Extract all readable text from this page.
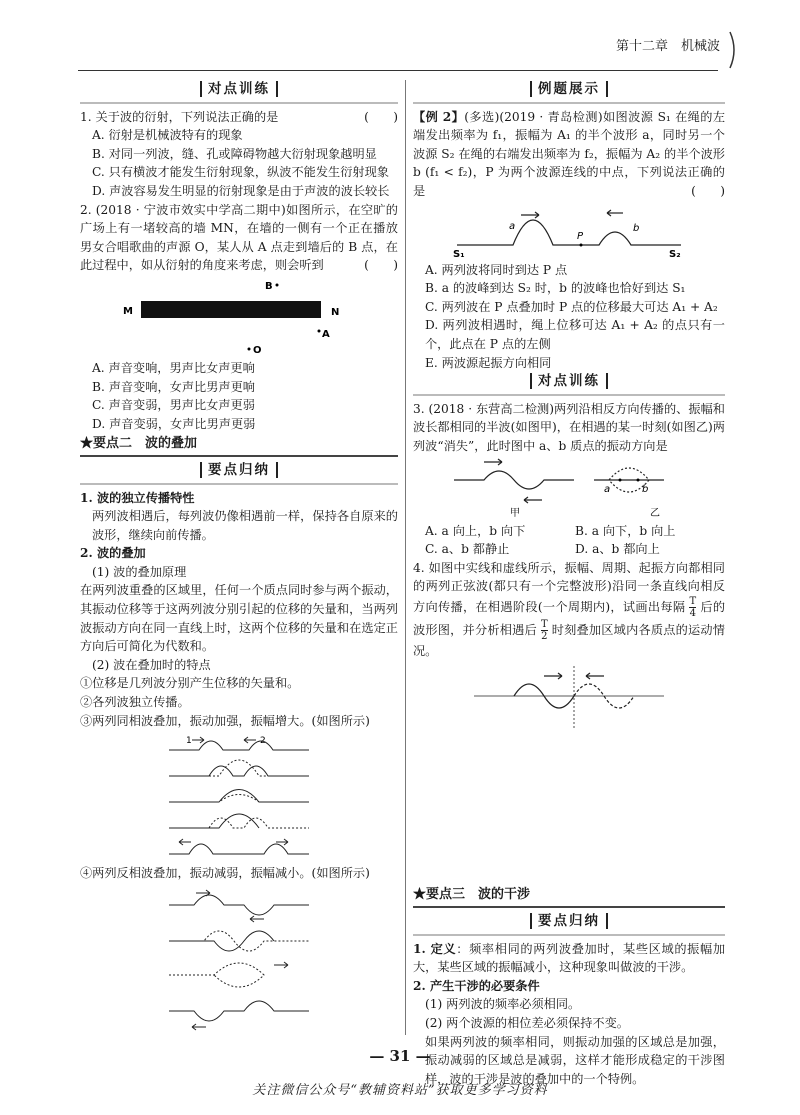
第十二章　 机械波
对点训练

1. 关于波的衍射，下列说法正确的是	(　　)

A. 衍射是机械波特有的现象

B. 对同一列波，缝、孔或障碍物越大衍射现象越明显

C. 只有横波才能发生衍射现象，纵波不能发生衍射现象

D. 声波容易发生明显的衍射现象是由于声波的波长较长

2. (2018 · 宁波市效实中学高二期中)如图所示，在空旷的广场上有一堵较高的墙 MN，在墙的一侧有一个正在播放男女合唱歌曲的声源 O，某人从 A 点走到墙后的 B 点，在此过程中，如从衍射的角度来考虑，则会听到	(　　)

M	N
B
A
O

A. 声音变响，男声比女声更响

B. 声音变响，女声比男声更响

C. 声音变弱，男声比女声更弱

D. 声音变弱，女声比男声更弱

★要点二　 波的叠加
要点归纳

1. 波的独立传播特性

两列波相遇后，每列波仍像相遇前一样，保持各自原来的波形，继续向前传播。

2. 波的叠加

(1) 波的叠加原理

在两列波重叠的区域里，任何一个质点同时参与两个振动，其振动位移等于这两列波分别引起的位移的矢量和，当两列波振动方向在同一直线上时，这两个位移的矢量和在选定正方向后可简化为代数和。

(2) 波在叠加时的特点

①位移是几列波分别产生位移的矢量和。

②各列波独立传播。

③两列同相波叠加，振动加强，振幅增大。(如图所示)

1	2

④两列反相波叠加，振动减弱，振幅减小。(如图所示)

例题展示

【例 2】(多选)(2019 · 青岛检测)如图波源 S₁ 在绳的左端发出频率为 f₁，振幅为 A₁ 的半个波形 a，同时另一个波源 S₂ 在绳的右端发出频率为 f₂，振幅为 A₂ 的半个波形 b (f₁ < f₂)，P 为两个波源连线的中点，下列说法正确的是	(　　)

a
S₁
P
b
S₂

A. 两列波将同时到达 P 点

B. a 的波峰到达 S₂ 时，b 的波峰也恰好到达 S₁

C. 两列波在 P 点叠加时 P 点的位移最大可达 A₁ + A₂

D. 两列波相遇时，绳上位移可达 A₁ + A₂ 的点只有一个，此点在 P 点的左侧

E. 两波源起振方向相同

对点训练

3. (2018 · 东营高二检测)两列沿相反方向传播的、振幅和波长都相同的半波(如图甲)，在相遇的某一时刻(如图乙)两列波“消失”，此时图中 a、b 质点的振动方向是

甲	乙
a	b
A. a 向上，b 向下	B. a 向下，b 向上
C. a、b 都静止	D. a、b 都向上

4. 如图中实线和虚线所示，振幅、周期、起振方向都相同的两列正弦波(都只有一个完整波形)沿同一条直线向相反方向传播，在相遇阶段(一个周期内)，试画出每隔 $\frac{T}{4}$ 后的波形图，并分析相遇后 $\frac{T}{2}$ 时刻叠加区域内各质点的运动情况。

★要点三　 波的干涉
要点归纳

1. 定义：频率相同的两列波叠加时，某些区域的振幅加大，某些区域的振幅减小，这种现象叫做波的干涉。

2. 产生干涉的必要条件

(1) 两列波的频率必须相同。

(2) 两个波源的相位差必须保持不变。

如果两列波的频率相同，则振动加强的区域总是加强，振动减弱的区域总是减弱，这样才能形成稳定的干涉图样，波的干涉是波的叠加中的一个特例。

— 31 —
关注微信公众号“教辅资料站”获取更多学习资料
